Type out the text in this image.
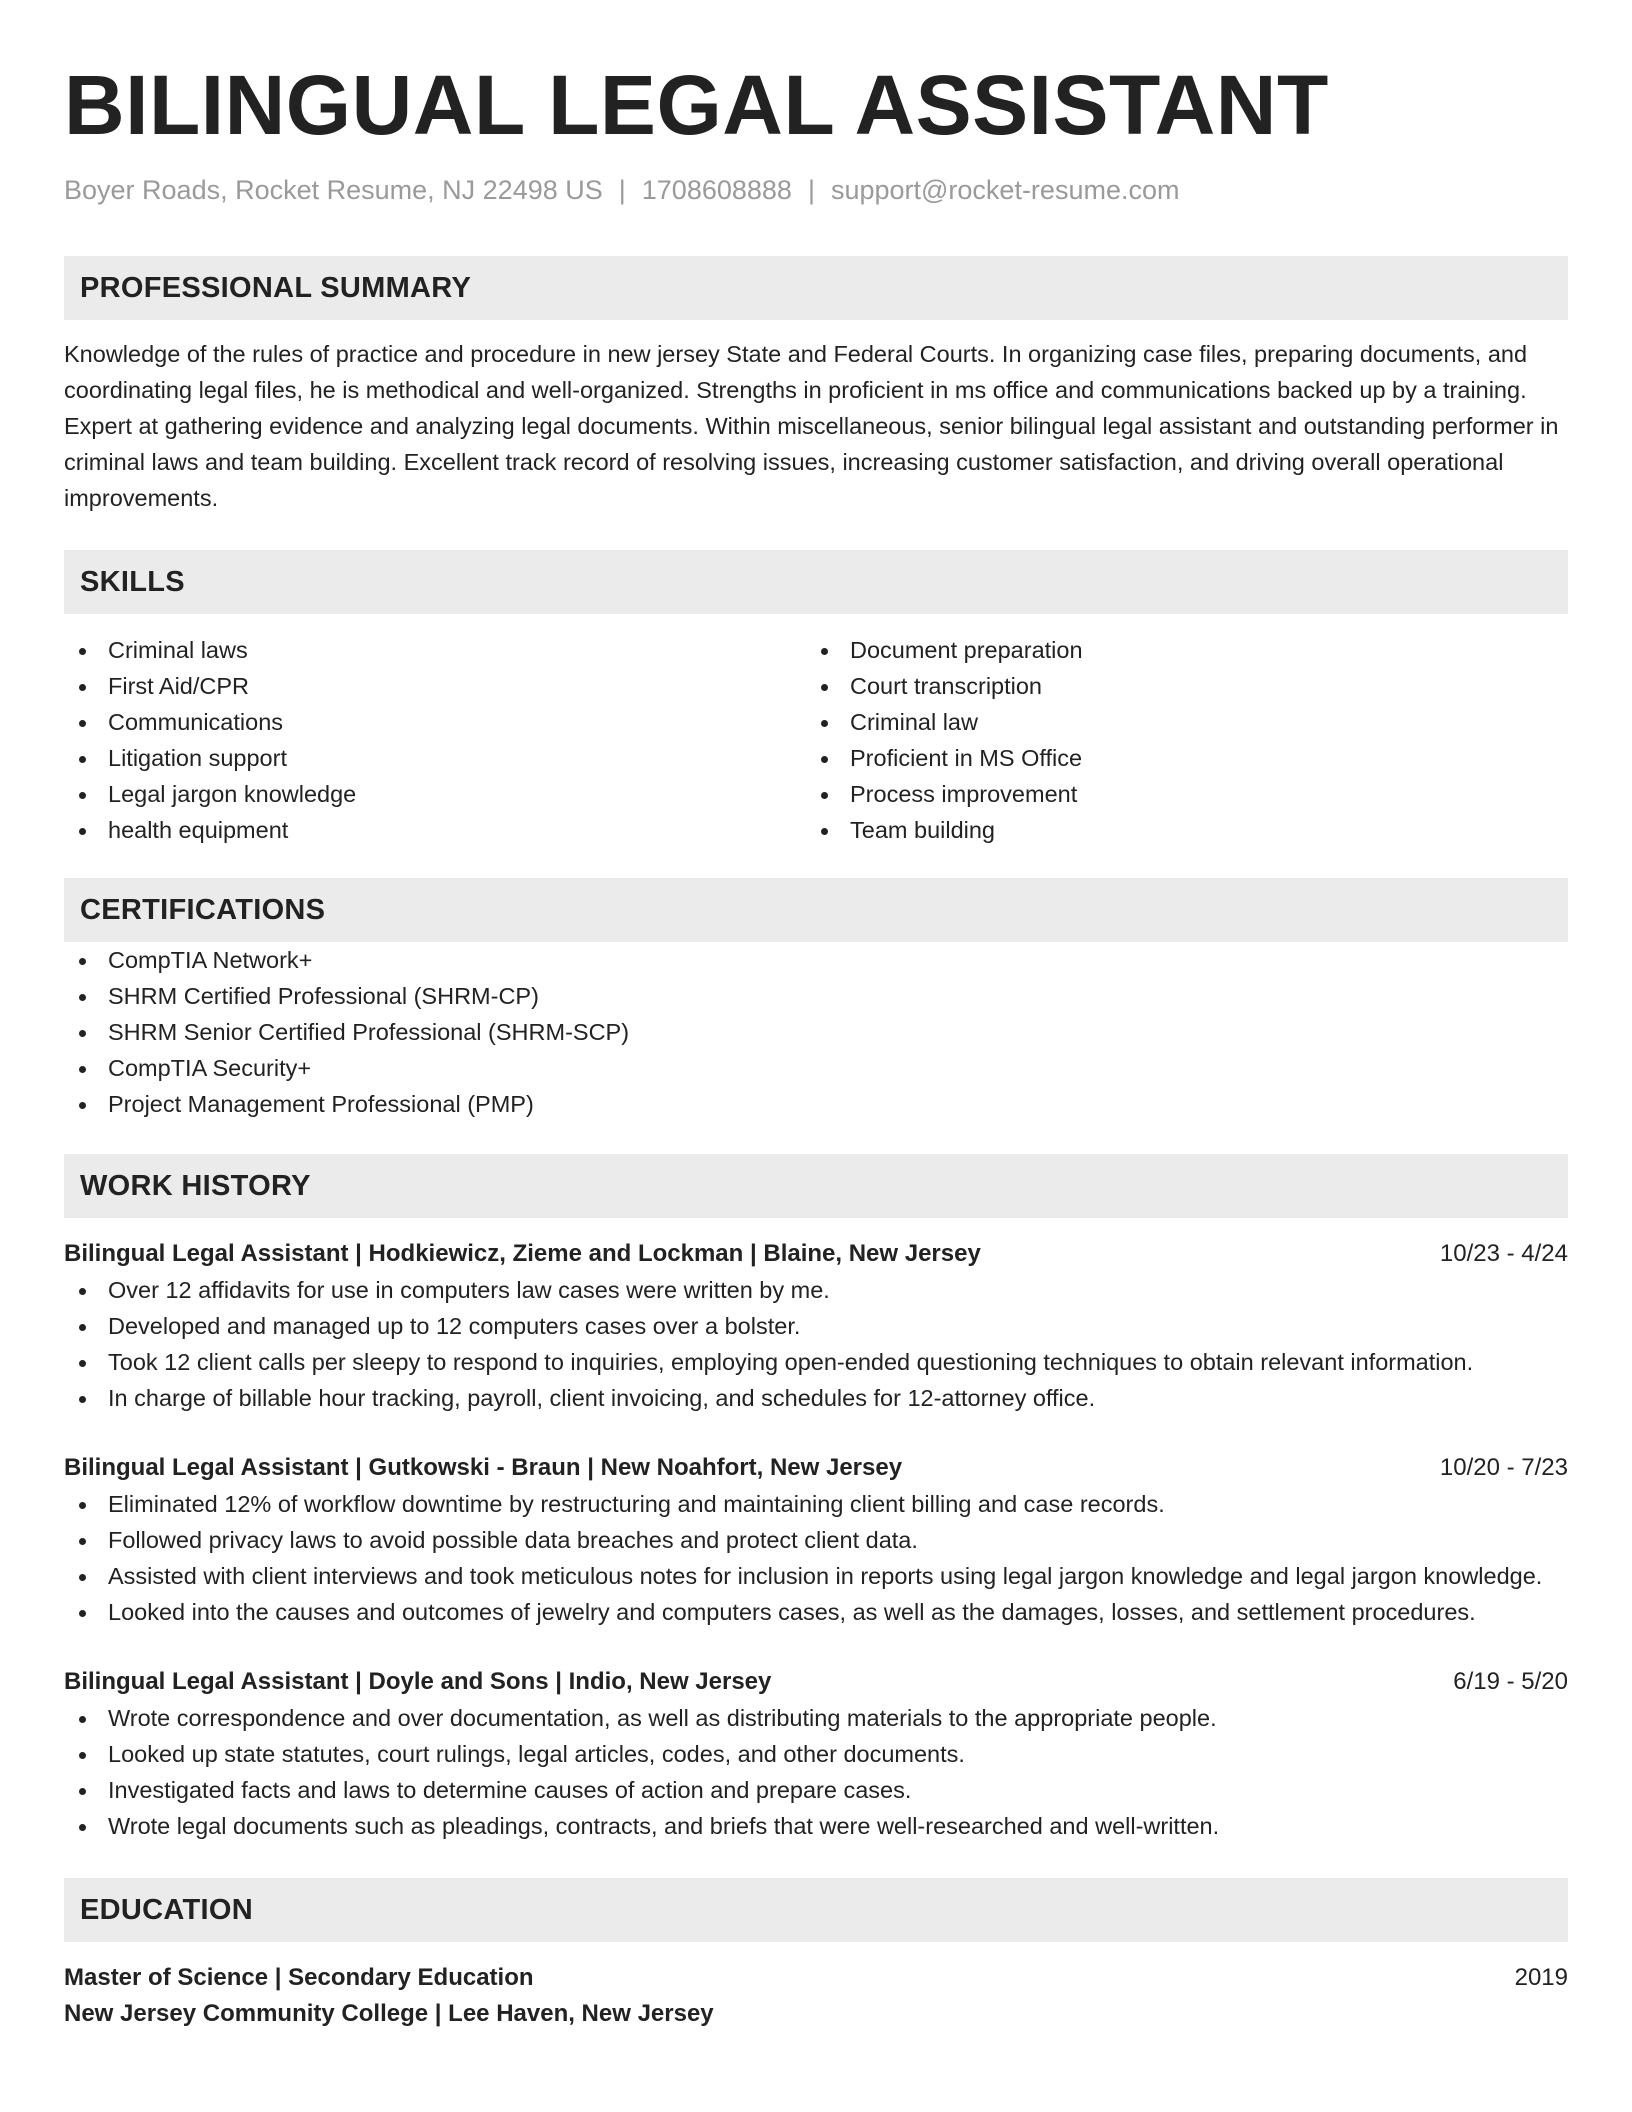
BILINGUAL LEGAL ASSISTANT
Boyer Roads, Rocket Resume, NJ 22498 US | 1708608888 | support@rocket-resume.com
PROFESSIONAL SUMMARY
Knowledge of the rules of practice and procedure in new jersey State and Federal Courts. In organizing case files, preparing documents, and coordinating legal files, he is methodical and well-organized. Strengths in proficient in ms office and communications backed up by a training. Expert at gathering evidence and analyzing legal documents. Within miscellaneous, senior bilingual legal assistant and outstanding performer in criminal laws and team building. Excellent track record of resolving issues, increasing customer satisfaction, and driving overall operational improvements.
SKILLS
Criminal laws
First Aid/CPR
Communications
Litigation support
Legal jargon knowledge
health equipment
Document preparation
Court transcription
Criminal law
Proficient in MS Office
Process improvement
Team building
CERTIFICATIONS
CompTIA Network+
SHRM Certified Professional (SHRM-CP)
SHRM Senior Certified Professional (SHRM-SCP)
CompTIA Security+
Project Management Professional (PMP)
WORK HISTORY
Bilingual Legal Assistant | Hodkiewicz, Zieme and Lockman | Blaine, New Jersey	10/23 - 4/24
Over 12 affidavits for use in computers law cases were written by me.
Developed and managed up to 12 computers cases over a bolster.
Took 12 client calls per sleepy to respond to inquiries, employing open-ended questioning techniques to obtain relevant information.
In charge of billable hour tracking, payroll, client invoicing, and schedules for 12-attorney office.
Bilingual Legal Assistant | Gutkowski - Braun | New Noahfort, New Jersey	10/20 - 7/23
Eliminated 12% of workflow downtime by restructuring and maintaining client billing and case records.
Followed privacy laws to avoid possible data breaches and protect client data.
Assisted with client interviews and took meticulous notes for inclusion in reports using legal jargon knowledge and legal jargon knowledge.
Looked into the causes and outcomes of jewelry and computers cases, as well as the damages, losses, and settlement procedures.
Bilingual Legal Assistant | Doyle and Sons | Indio, New Jersey	6/19 - 5/20
Wrote correspondence and over documentation, as well as distributing materials to the appropriate people.
Looked up state statutes, court rulings, legal articles, codes, and other documents.
Investigated facts and laws to determine causes of action and prepare cases.
Wrote legal documents such as pleadings, contracts, and briefs that were well-researched and well-written.
EDUCATION
Master of Science | Secondary Education	2019
New Jersey Community College | Lee Haven, New Jersey
